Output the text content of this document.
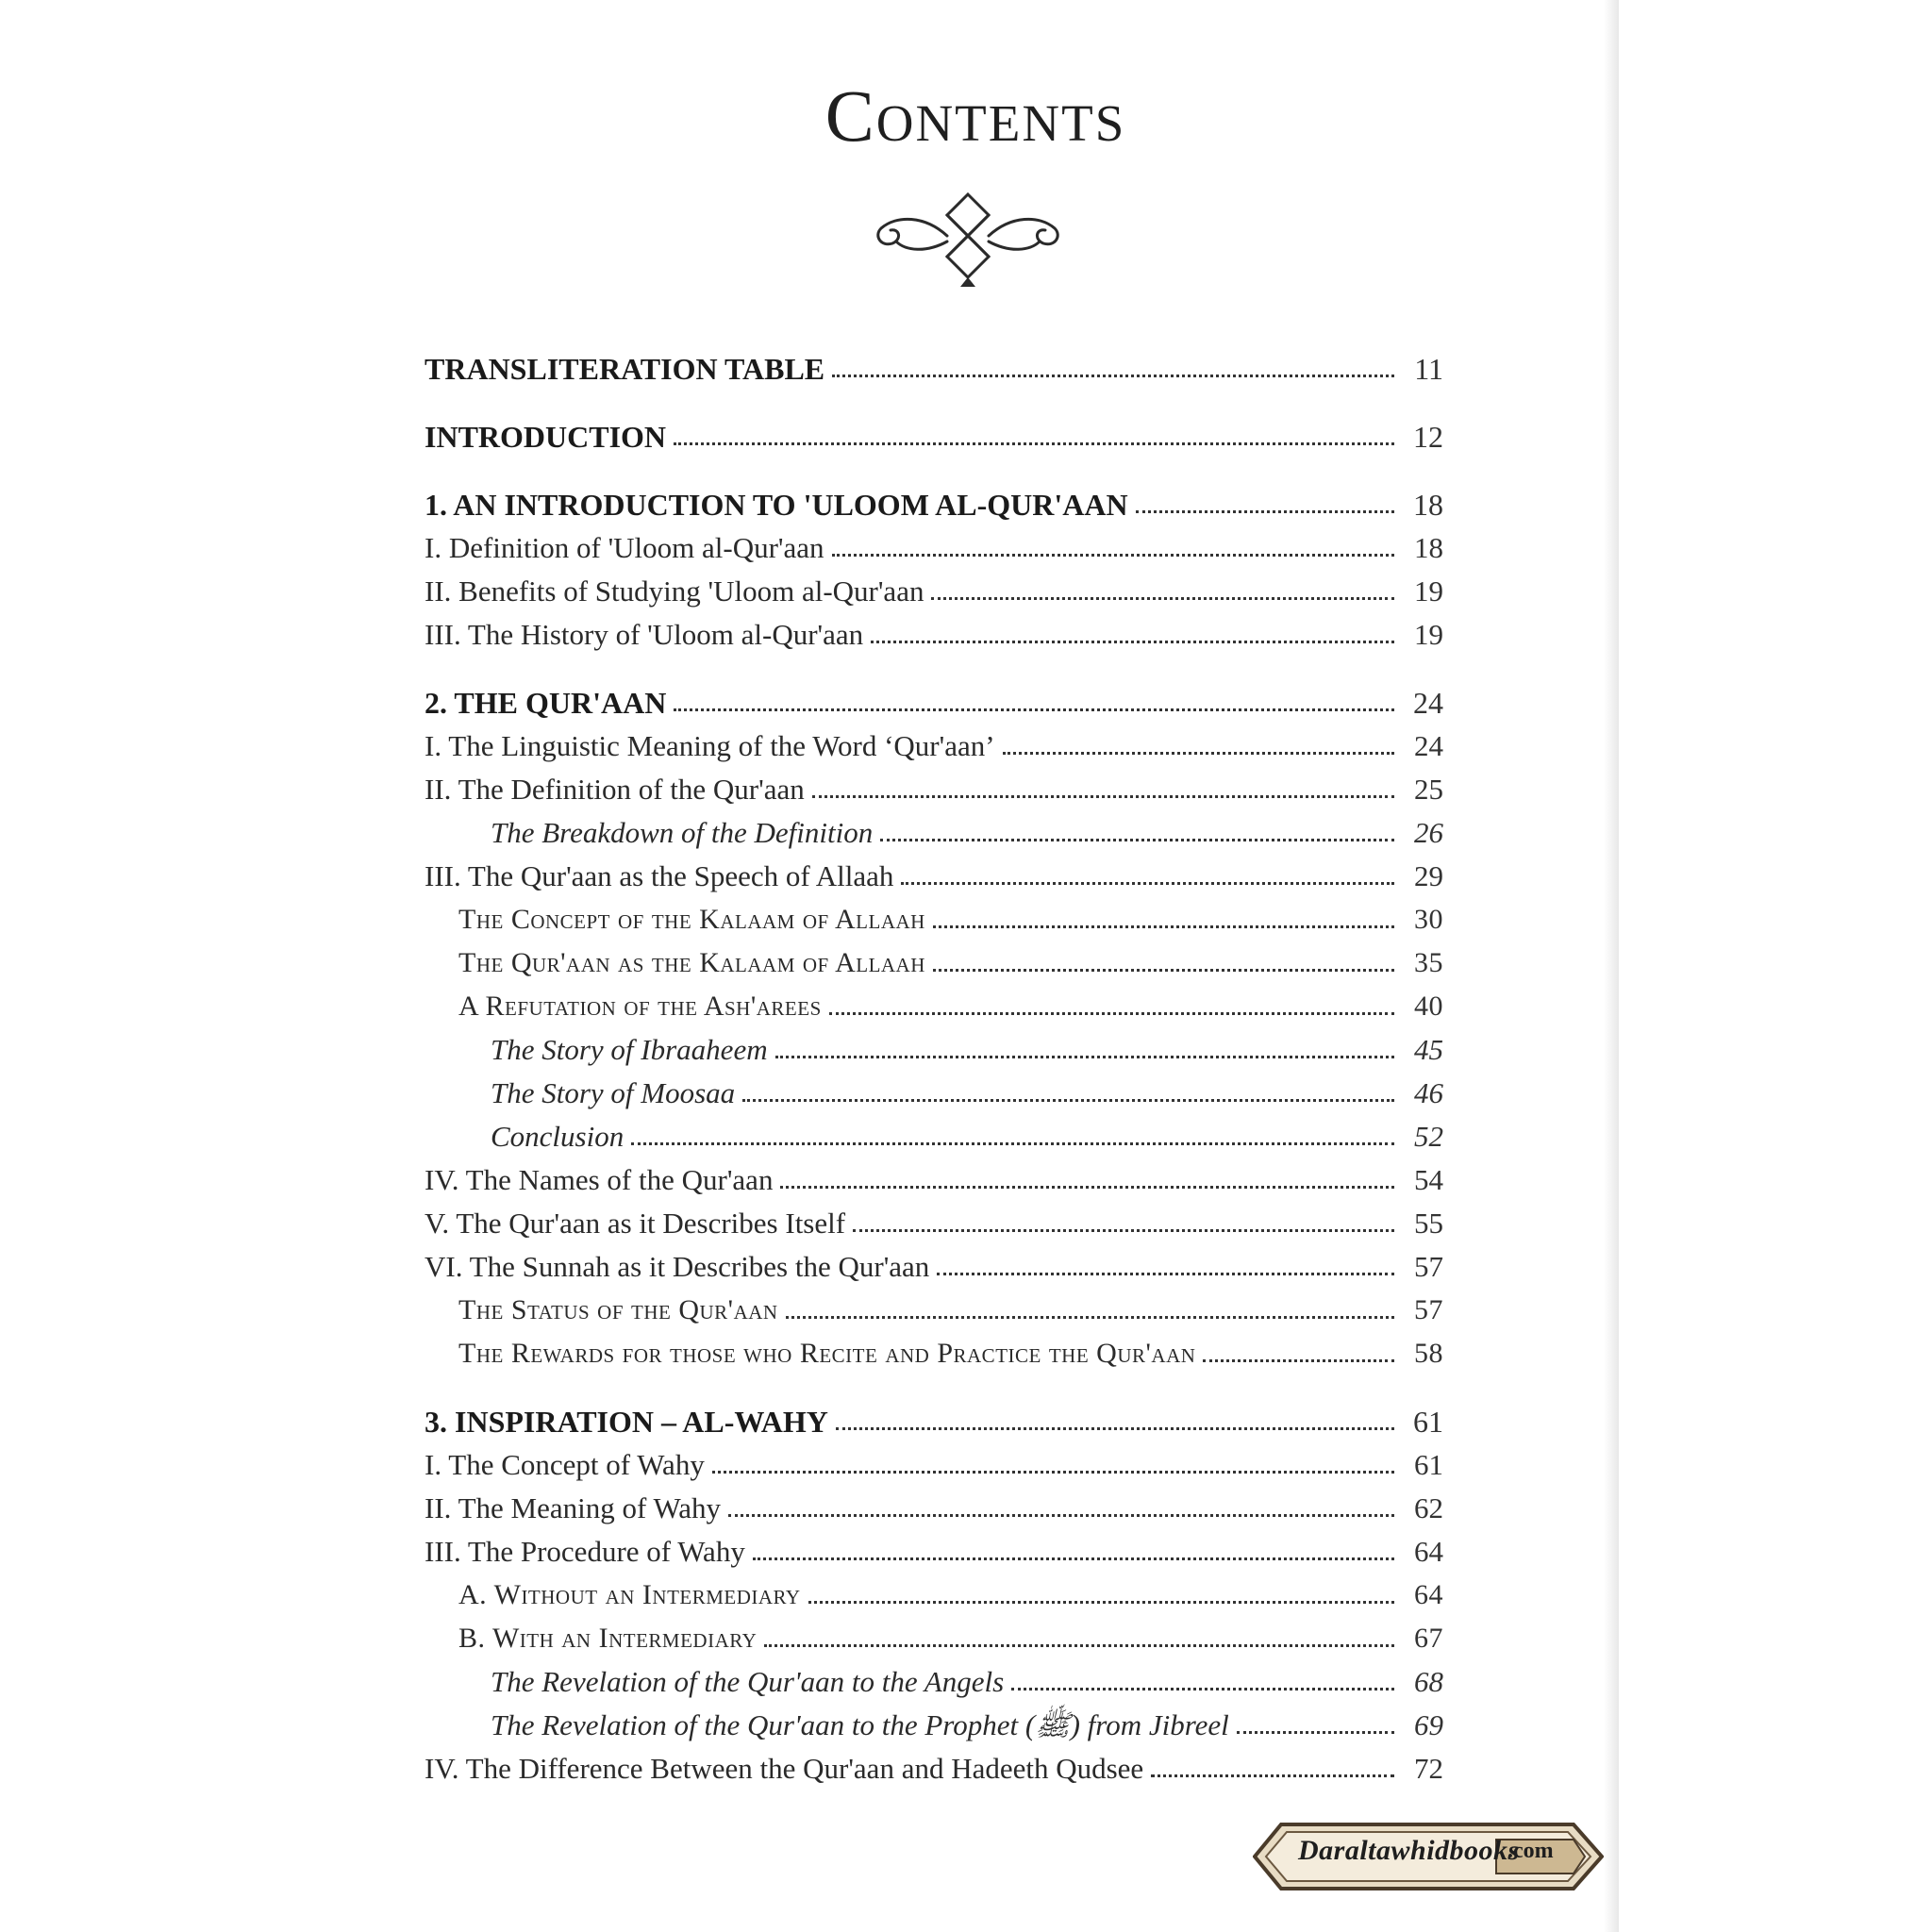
Contents
TRANSLITERATION TABLE	11
INTRODUCTION	12
1. AN INTRODUCTION TO 'ULOOM AL-QUR'AAN	18
I. Definition of 'Uloom al-Qur'aan	18
II. Benefits of Studying 'Uloom al-Qur'aan	19
III. The History of 'Uloom al-Qur'aan	19
2. THE QUR'AAN	24
I. The Linguistic Meaning of the Word ‘Qur'aan’	24
II. The Definition of the Qur'aan	25
The Breakdown of the Definition	26
III. The Qur'aan as the Speech of Allaah	29
The Concept of the Kalaam of Allaah	30
The Qur'aan as the Kalaam of Allaah	35
A Refutation of the Ash'arees	40
The Story of Ibraaheem	45
The Story of Moosaa	46
Conclusion	52
IV. The Names of the Qur'aan	54
V. The Qur'aan as it Describes Itself	55
VI. The Sunnah as it Describes the Qur'aan	57
The Status of the Qur'aan	57
The Rewards for those who Recite and Practice the Qur'aan	58
3. INSPIRATION – AL-WAHY	61
I. The Concept of Wahy	61
II. The Meaning of Wahy	62
III. The Procedure of Wahy	64
A. Without an Intermediary	64
B. With an Intermediary	67
The Revelation of the Qur'aan to the Angels	68
The Revelation of the Qur'aan to the Prophet (ﷺ) from Jibreel	69
IV. The Difference Between the Qur'aan and Hadeeth Qudsee	72
Daraltawhidbooks
.com
